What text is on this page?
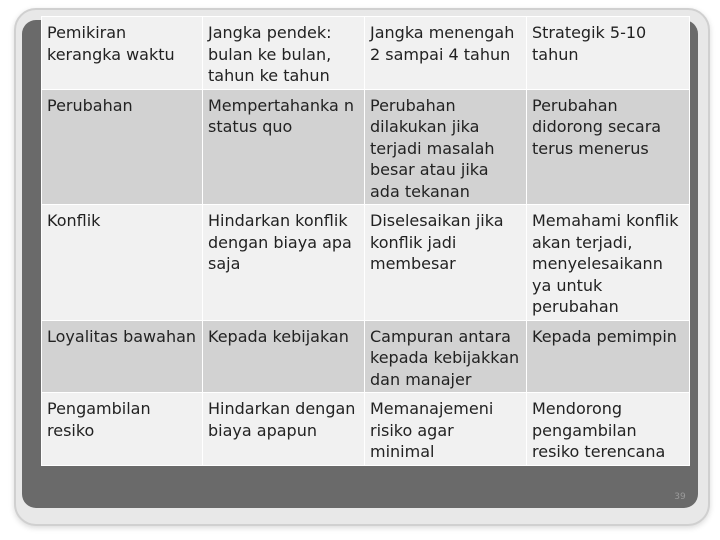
Pemikiran kerangka waktu	Jangka pendek: bulan ke bulan, tahun ke tahun	Jangka menengah 2 sampai 4 tahun	Strategik 5-10 tahun
Perubahan	Mempertahanka n status quo	Perubahan dilakukan jika terjadi masalah besar atau jika ada tekanan	Perubahan didorong secara terus menerus
Konflik	Hindarkan konflik dengan biaya apa saja	Diselesaikan jika konflik jadi membesar	Memahami konflik akan terjadi, menyelesaikann ya untuk perubahan
Loyalitas bawahan	Kepada kebijakan	Campuran antara kepada kebijakkan dan manajer	Kepada pemimpin
Pengambilan resiko	Hindarkan dengan biaya apapun	Memanajemeni risiko agar minimal	Mendorong pengambilan resiko terencana
39
